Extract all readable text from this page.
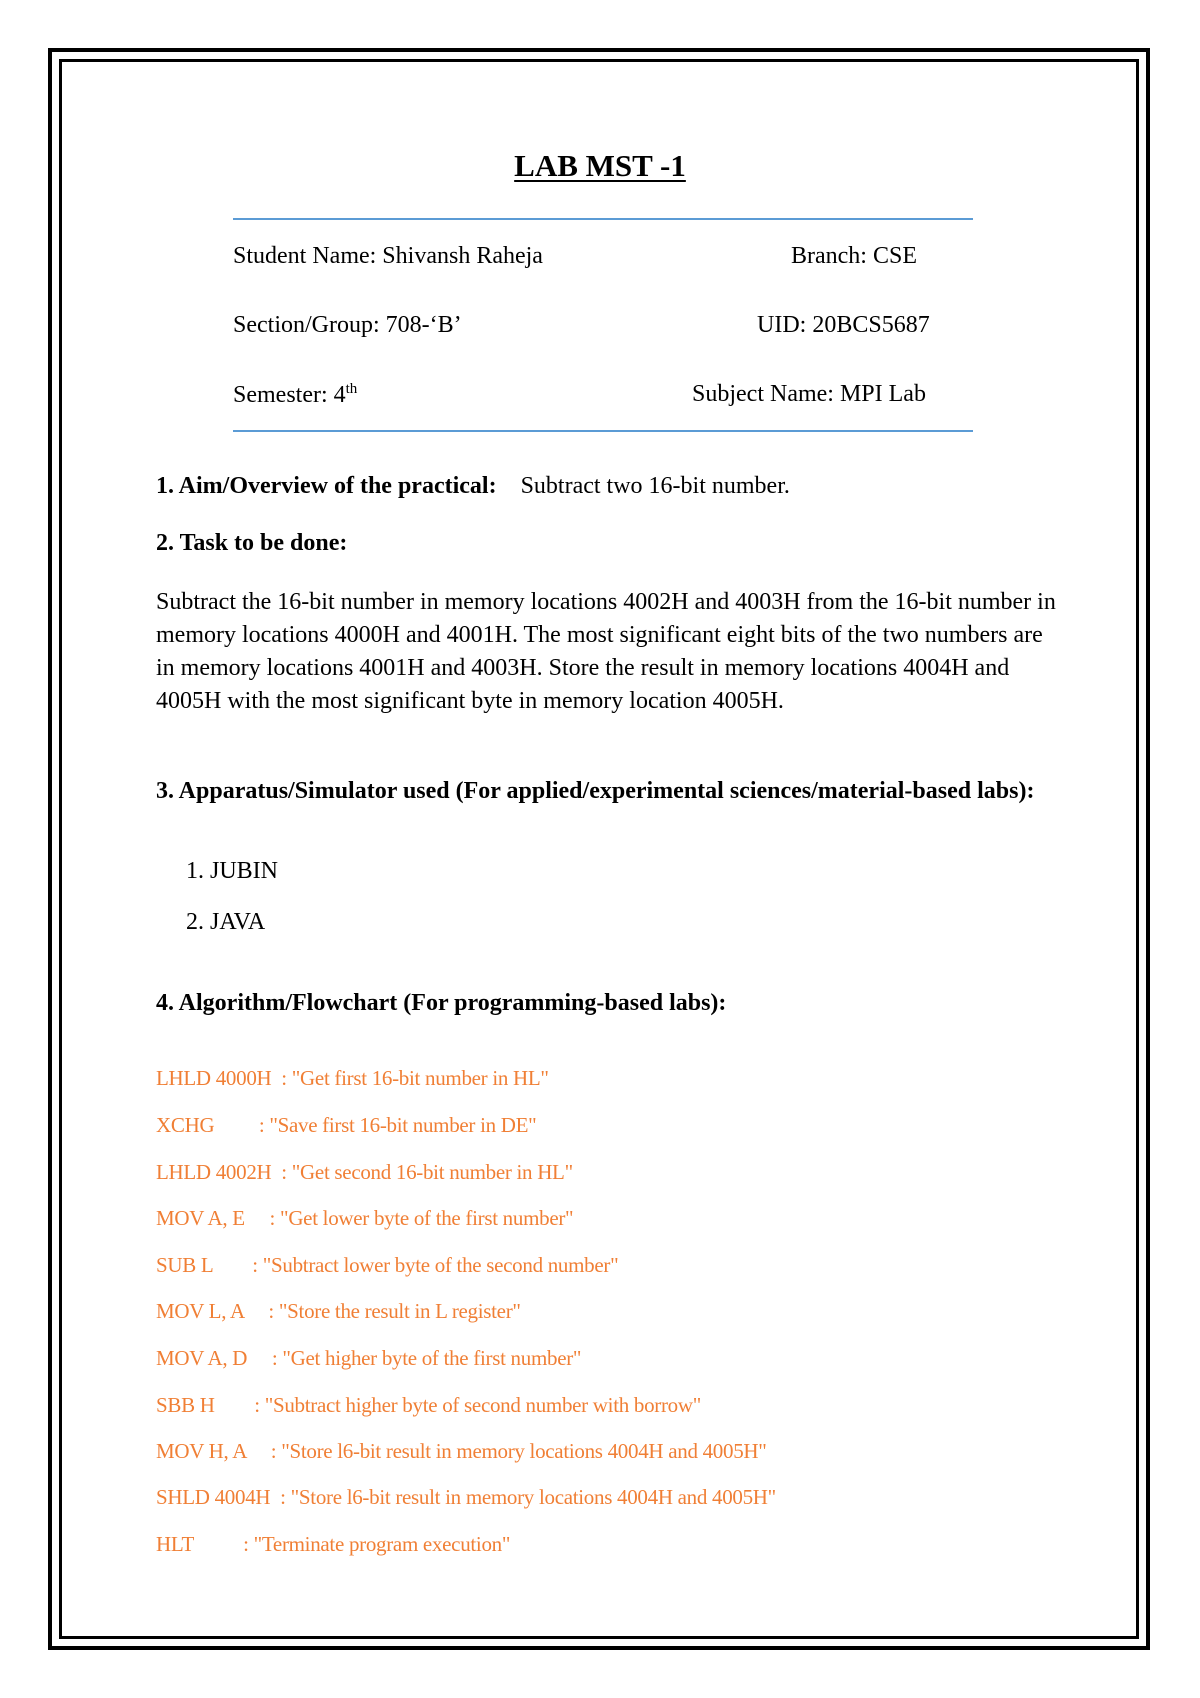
LAB MST -1
Student Name: Shivansh Raheja	Branch: CSE
Section/Group: 708-‘B’	UID: 20BCS5687
Semester: 4th	Subject Name: MPI Lab
1. Aim/Overview of the practical: Subtract two 16-bit number.
2. Task to be done:
Subtract the 16-bit number in memory locations 4002H and 4003H from the 16-bit number in memory locations 4000H and 4001H. The most significant eight bits of the two numbers are in memory locations 4001H and 4003H. Store the result in memory locations 4004H and 4005H with the most significant byte in memory location 4005H.
3. Apparatus/Simulator used (For applied/experimental sciences/material-based labs):
1. JUBIN
2. JAVA
4. Algorithm/Flowchart (For programming-based labs):
LHLD 4000H  : "Get first 16-bit number in HL"
XCHG         : "Save first 16-bit number in DE"
LHLD 4002H  : "Get second 16-bit number in HL"
MOV A, E     : "Get lower byte of the first number"
SUB L        : "Subtract lower byte of the second number"
MOV L, A     : "Store the result in L register"
MOV A, D     : "Get higher byte of the first number"
SBB H        : "Subtract higher byte of second number with borrow"
MOV H, A     : "Store l6-bit result in memory locations 4004H and 4005H"
SHLD 4004H  : "Store l6-bit result in memory locations 4004H and 4005H"
HLT          : "Terminate program execution"
